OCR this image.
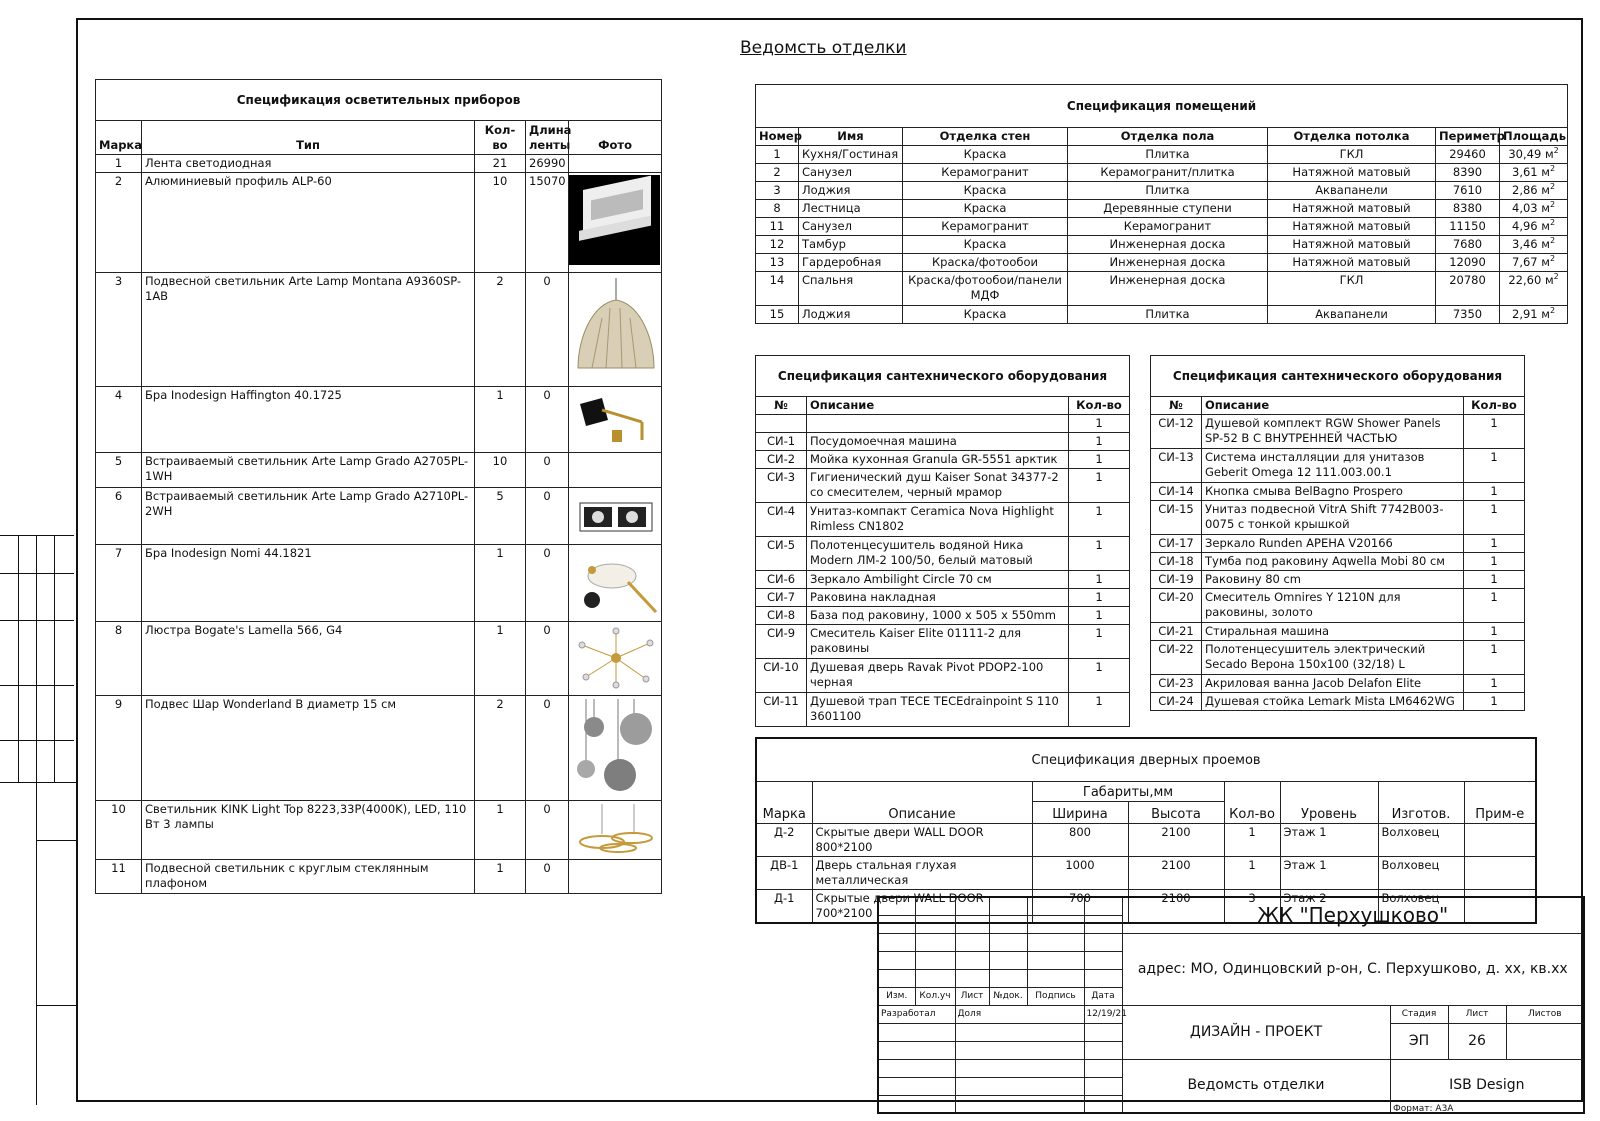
Ведомсть отделки
Спецификация осветительных приборов				
Марка	Тип	Кол-во	Длина ленты	Фото
1	Лента светодиодная	21	26990	
2	Алюминиевый профиль ALP-60	10	15070	

3	Подвесной светильник Arte Lamp Montana A9360SP-1AB	2	0	

4	Бра Inodesign Haffington 40.1725	1	0	

5	Встраиваемый светильник Arte Lamp Grado A2705PL-1WH	10	0	
6	Встраиваемый светильник Arte Lamp Grado A2710PL-2WH	5	0	

7	Бра Inodesign Nomi 44.1821	1	0	

8	Люстра Bogate's Lamella 566, G4	1	0	

9	Подвес Шар Wonderland В диаметр 15 см	2	0	

10	Светильник KINK Light Top 8223,33P(4000K), LED, 110 Вт 3 лампы	1	0	

11	Подвесной светильник с круглым стеклянным плафоном	1	0	
Спецификация помещений						
Номер	Имя	Отделка стен	Отделка пола	Отделка потолка	Периметр	Площадь
1	Кухня/Гостиная	Краска	Плитка	ГКЛ	29460	30,49 $м^2$
2	Санузел	Керамогранит	Керамогранит/плитка	Натяжной матовый	8390	3,61 $м^2$
3	Лоджия	Краска	Плитка	Аквапанели	7610	2,86 $м^2$
8	Лестница	Краска	Деревянные ступени	Натяжной матовый	8380	4,03 $м^2$
11	Санузел	Керамогранит	Керамогранит	Натяжной матовый	11150	4,96 $м^2$
12	Тамбур	Краска	Инженерная доска	Натяжной матовый	7680	3,46 $м^2$
13	Гардеробная	Краска/фотообои	Инженерная доска	Натяжной матовый	12090	7,67 $м^2$
14	Спальня	Краска/фотообои/панели МДФ	Инженерная доска	ГКЛ	20780	22,60 $м^2$
15	Лоджия	Краска	Плитка	Аквапанели	7350	2,91 $м^2$
Спецификация сантехнического оборудования		
№	Описание	Кол-во
		1
СИ-1	Посудомоечная машина	1
СИ-2	Мойка кухонная Granula GR-5551 арктик	1
СИ-3	Гигиенический душ Kaiser Sonat 34377-2 со смесителем, черный мрамор	1
СИ-4	Унитаз-компакт Ceramica Nova Highlight Rimless CN1802	1
СИ-5	Полотенцесушитель водяной Ника Modern ЛМ-2 100/50, белый матовый	1
СИ-6	Зеркало Ambilight Circle 70 см	1
СИ-7	Раковина накладная	1
СИ-8	База под раковину, 1000 x 505 x 550mm	1
СИ-9	Смеситель Kaiser Elite 01111-2 для раковины	1
СИ-10	Душевая дверь Ravak Pivot PDOP2-100 черная	1
СИ-11	Душевой трап TECE TECEdrainpoint S 110 3601100	1
Спецификация сантехнического оборудования		
№	Описание	Кол-во
СИ-12	Душевой комплект RGW Shower Panels SP-52 B С ВНУТРЕННЕЙ ЧАСТЬЮ	1
СИ-13	Система инсталляции для унитазов Geberit Omega 12 111.003.00.1	1
СИ-14	Кнопка смыва BelBagno Prospero	1
СИ-15	Унитаз подвесной VitrA Shift 7742B003-0075 с тонкой крышкой	1
СИ-17	Зеркало Runden АРЕНА V20166	1
СИ-18	Тумба под раковину Aqwella Mobi 80 см	1
СИ-19	Раковину 80 cm	1
СИ-20	Смеситель Omnires Y 1210N для раковины, золото	1
СИ-21	Стиральная машина	1
СИ-22	Полотенцесушитель электрический Secado Верона 150x100 (32/18) L	1
СИ-23	Акриловая ванна Jacob Delafon Elite	1
СИ-24	Душевая стойка Lemark Mista LM6462WG	1
Спецификация дверных проемов							
Марка	Описание	Габариты,мм		Кол-во	Уровень	Изготов.	Прим-е
		Ширина	Высота				
Д-2	Скрытые двери WALL DOOR 800*2100	800	2100	1	Этаж 1	Волховец	
ДВ-1	Дверь стальная глухая металлическая	1000	2100	1	Этаж 1	Волховец	
Д-1	Скрытые двери WALL DOOR 700*2100	700	2100	3	Этаж 2	Волховец	
						ЖК "Перхушково"			

						адрес: МО, Одинцовский р-он, С. Перхушково, д. хх, кв.хх			

Изм.	Кол.уч	Лист	№док.	Подпись	Дата				
Разработал		Доля			12/19/21	ДИЗАЙН - ПРОЕКТ	Стадия	Лист	Листов
							ЭП	26	

						Ведомсть отделки	ISB Design		

Формат: А3А
